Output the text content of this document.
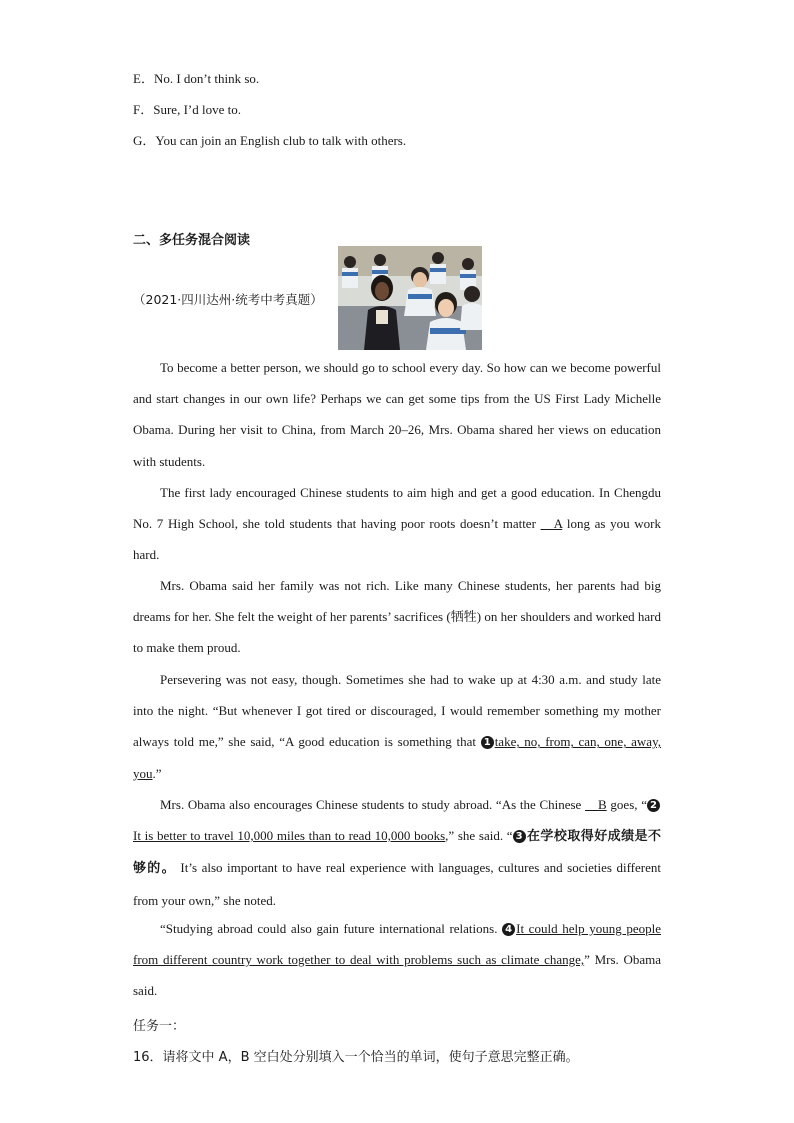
E．No. I don’t think so.
F．Sure, I’d love to.
G．You can join an English club to talk with others.
二、多任务混合阅读
（2021·四川达州·统考中考真题）

To become a better person, we should go to school every day. So how can we become powerful and start changes in our own life? Perhaps we can get some tips from the US First Lady Michelle Obama. During her visit to China, from March 20–26, Mrs. Obama shared her views on education with students.

The first lady encouraged Chinese students to aim high and get a good education. In Chengdu No. 7 High School, she told students that having poor roots doesn’t matter  A long as you work hard.

Mrs. Obama said her family was not rich. Like many Chinese students, her parents had big dreams for her. She felt the weight of her parents’ sacrifices (牺牲) on her shoulders and worked hard to make them proud.

Persevering was not easy, though. Sometimes she had to wake up at 4:30 a.m. and study late into the night. “But whenever I got tired or discouraged, I would remember something my mother always told me,” she said, “A good education is something that 1 take, no, from, can, one, away, you.”

Mrs. Obama also encourages Chinese students to study abroad. “As the Chinese  B goes, “ 2It is better to travel 10,000 miles than to read 10,000 books,” she said. “ 3 在学校取得好成绩是不够的。 It’s also important to have real experience with languages, cultures and societies different from your own,” she noted.

“Studying abroad could also gain future international relations. 4 It could help young people from different country work together to deal with problems such as climate change,” Mrs. Obama said.

任务一：
16．请将文中 A，B 空白处分别填入一个恰当的单词，使句子意思完整正确。
